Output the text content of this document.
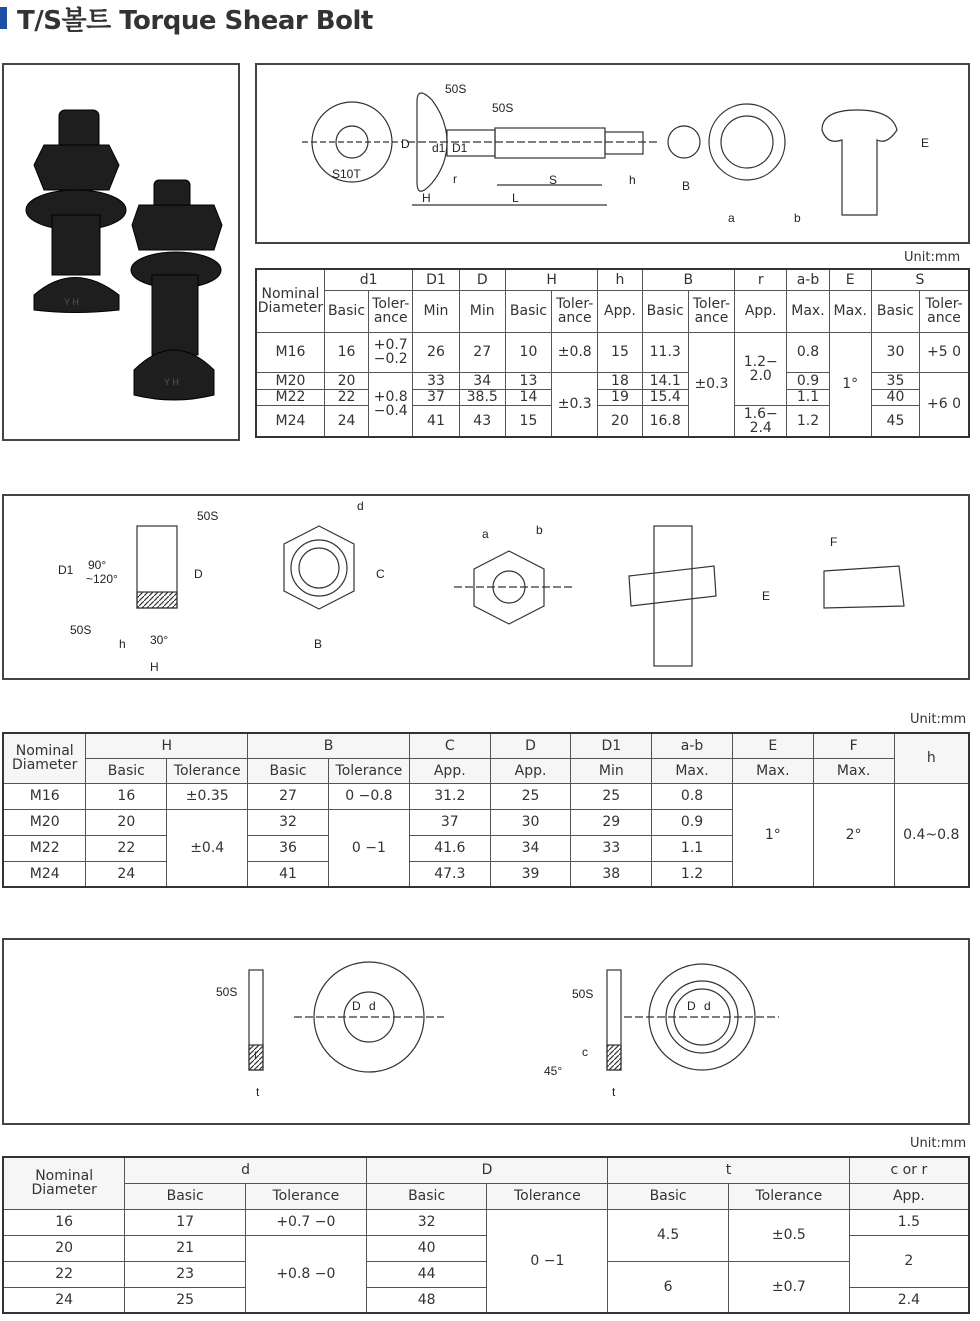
T/S볼트 Torque Shear Bolt
Y H
Y H
50S
50S
D d1 D1
r	S	h	B
H	L
a	b
E
S10T
Unit:mm
Nominal Diameter	d1		D1	D	H		h	B		r	a-b	E	S	
	Basic	Toler-ance	Min	Min	Basic	Toler-ance	App.	Basic	Toler-ance	App.	Max.	Max.	Basic	Toler-ance
M16	16	+0.7 −0.2	26	27	10	±0.8	15	11.3	±0.3	1.2− 2.0	0.8	1°	30	+5 0
M20	20	+0.8 −0.4	33	34	13	±0.3	18	14.1			0.9		35	+6 0
M22	22		37	38.5	14		19	15.4			1.1		40	
M24	24		41	43	15		20	16.8		1.6− 2.4	1.2		45	
50S
D1 90°
~120°	D
50S
h 30°
H
d
C
B
a	b
E
F
Unit:mm
Nominal Diameter	H		B		C	D	D1	a-b	E	F	h
	Basic	Tolerance	Basic	Tolerance	App.	App.	Min	Max.	Max.	Max.	
M16	16	±0.35	27	0 −0.8	31.2	25	25	0.8	1°	2°	0.4~0.8
M20	20	±0.4	32	0 −1	37	30	29	0.9			
M22	22		36		41.6	34	33	1.1			
M24	24		41		47.3	39	38	1.2			
50S
D d
r
t
50S
D d
c
45°
t
Unit:mm
Nominal Diameter	d		D		t		c or r
	Basic	Tolerance	Basic	Tolerance	Basic	Tolerance	App.
16	17	+0.7 −0	32	0 −1	4.5	±0.5	1.5
20	21	+0.8 −0	40				2
22	23		44		6	±0.7	
24	25		48				2.4
